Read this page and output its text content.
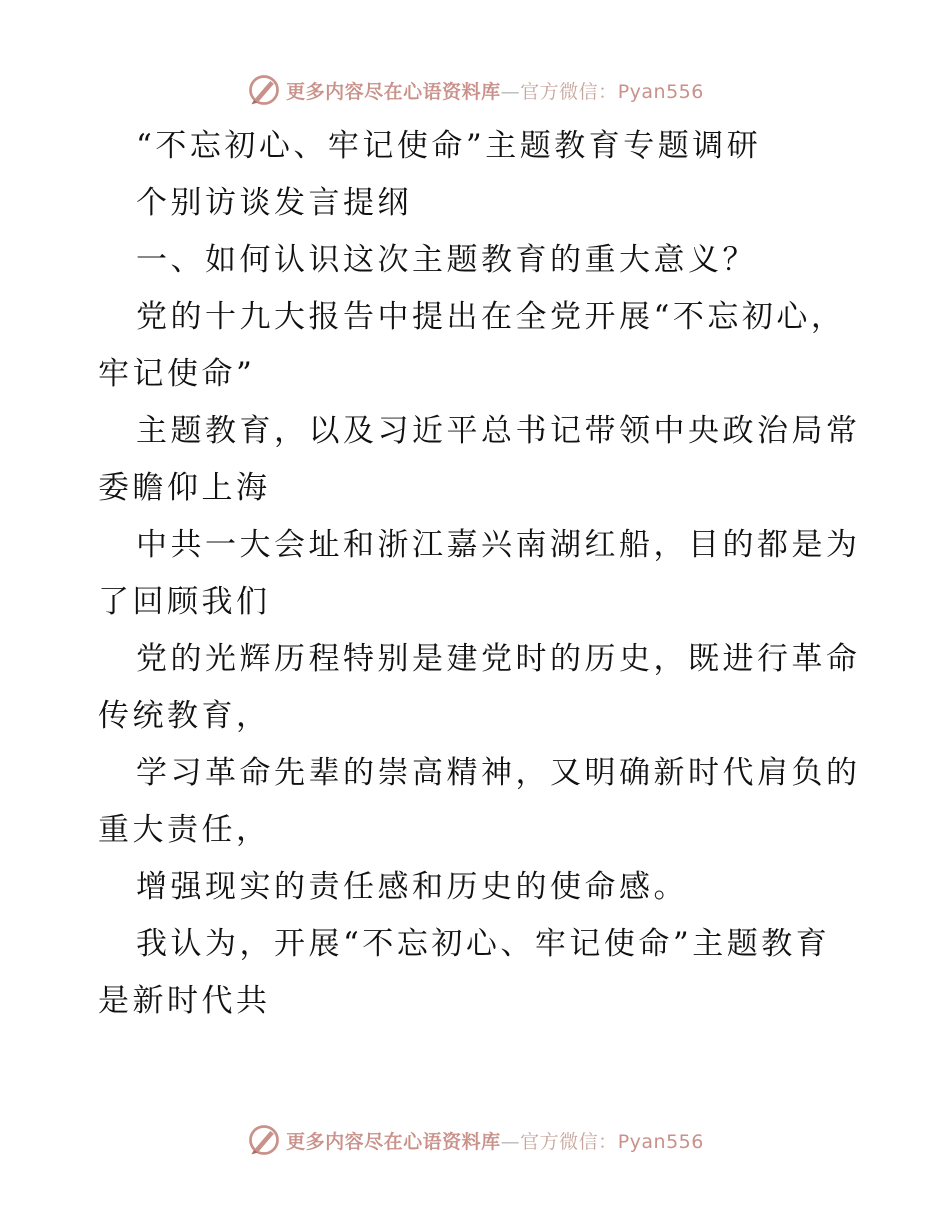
更多内容尽在心语资料库—官方微信：Pyan556
“不忘初心、牢记使命”主题教育专题调研
个别访谈发言提纲
一、如何认识这次主题教育的重大意义？
党的十九大报告中提出在全党开展“不忘初心，
牢记使命”
主题教育，以及习近平总书记带领中央政治局常
委瞻仰上海
中共一大会址和浙江嘉兴南湖红船，目的都是为
了回顾我们
党的光辉历程特别是建党时的历史，既进行革命
传统教育，
学习革命先辈的崇高精神，又明确新时代肩负的
重大责任，
增强现实的责任感和历史的使命感。
我认为，开展“不忘初心、牢记使命”主题教育
是新时代共
更多内容尽在心语资料库—官方微信：Pyan556
